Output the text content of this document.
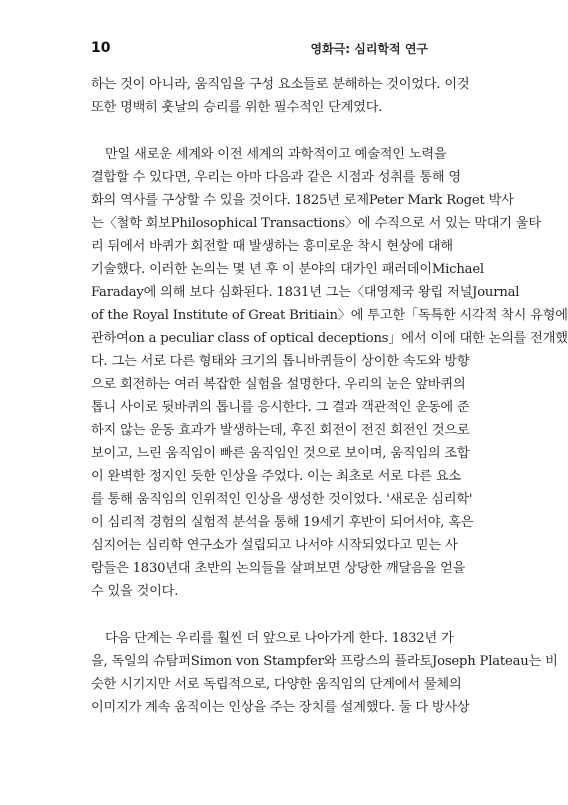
10	영화극: 심리학적 연구
하는 것이 아니라, 움직임을 구성 요소들로 분해하는 것이었다. 이것
또한 명백히 훗날의 승리를 위한 필수적인 단계였다.
만일 새로운 세계와 이전 세계의 과학적이고 예술적인 노력을
결합할 수 있다면, 우리는 아마 다음과 같은 시점과 성취를 통해 영
화의 역사를 구상할 수 있을 것이다. 1825년 로제Peter Mark Roget 박사
는〈철학 회보Philosophical Transactions〉에 수직으로 서 있는 막대기 울타
리 뒤에서 바퀴가 회전할 때 발생하는 흥미로운 착시 현상에 대해
기술했다. 이러한 논의는 몇 년 후 이 분야의 대가인 패러데이Michael
Faraday에 의해 보다 심화된다. 1831년 그는〈대영제국 왕립 저널Journal
of the Royal Institute of Great Britiain〉에 투고한「독특한 시각적 착시 유형에
관하여on a peculiar class of optical deceptions」에서 이에 대한 논의를 전개했
다. 그는 서로 다른 형태와 크기의 톱니바퀴들이 상이한 속도와 방향
으로 회전하는 여러 복잡한 실험을 설명한다. 우리의 눈은 앞바퀴의
톱니 사이로 뒷바퀴의 톱니를 응시한다. 그 결과 객관적인 운동에 준
하지 않는 운동 효과가 발생하는데, 후진 회전이 전진 회전인 것으로
보이고, 느린 움직임이 빠른 움직임인 것으로 보이며, 움직임의 조합
이 완벽한 정지인 듯한 인상을 주었다. 이는 최초로 서로 다른 요소
를 통해 움직임의 인위적인 인상을 생성한 것이었다. '새로운 심리학'
이 심리적 경험의 실험적 분석을 통해 19세기 후반이 되어서야, 혹은
심지어는 심리학 연구소가 설립되고 나서야 시작되었다고 믿는 사
람들은 1830년대 초반의 논의들을 살펴보면 상당한 깨달음을 얻을
수 있을 것이다.
다음 단계는 우리를 훨씬 더 앞으로 나아가게 한다. 1832년 가
을, 독일의 슈탐퍼Simon von Stampfer와 프랑스의 플라토Joseph Plateau는 비
슷한 시기지만 서로 독립적으로, 다양한 움직임의 단계에서 물체의
이미지가 계속 움직이는 인상을 주는 장치를 설계했다. 둘 다 방사상
